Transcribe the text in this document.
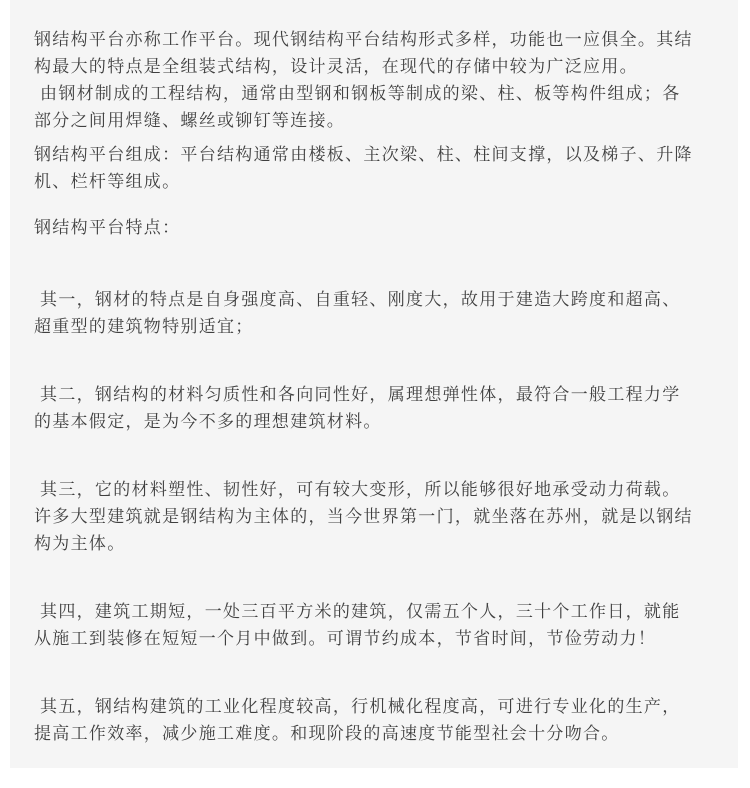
钢结构平台亦称工作平台。现代钢结构平台结构形式多样，功能也一应俱全。其结构最大的特点是全组装式结构，设计灵活，在现代的存储中较为广泛应用。

由钢材制成的工程结构，通常由型钢和钢板等制成的梁、柱、板等构件组成；各部分之间用焊缝、螺丝或铆钉等连接。

钢结构平台组成：平台结构通常由楼板、主次梁、柱、柱间支撑，以及梯子、升降机、栏杆等组成。

钢结构平台特点：

其一，钢材的特点是自身强度高、自重轻、刚度大，故用于建造大跨度和超高、超重型的建筑物特别适宜；

其二，钢结构的材料匀质性和各向同性好，属理想弹性体，最符合一般工程力学的基本假定，是为今不多的理想建筑材料。

其三，它的材料塑性、韧性好，可有较大变形，所以能够很好地承受动力荷载。许多大型建筑就是钢结构为主体的，当今世界第一门，就坐落在苏州，就是以钢结构为主体。

其四，建筑工期短，一处三百平方米的建筑，仅需五个人，三十个工作日，就能从施工到装修在短短一个月中做到。可谓节约成本，节省时间，节俭劳动力！

其五，钢结构建筑的工业化程度较高，行机械化程度高，可进行专业化的生产，提高工作效率，减少施工难度。和现阶段的高速度节能型社会十分吻合。
